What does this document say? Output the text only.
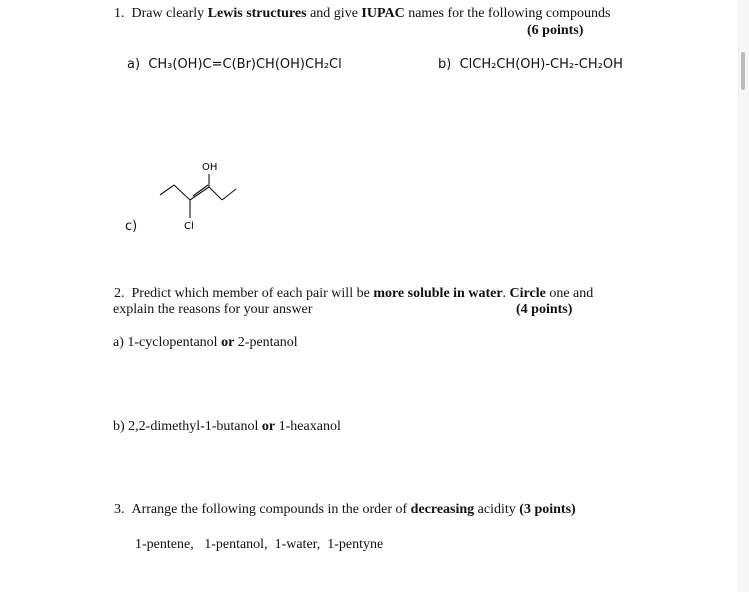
1. Draw clearly Lewis structures and give IUPAC names for the following compounds
(6 points)
a) CH₃(OH)C=C(Br)CH(OH)CH₂Cl	b) ClCH₂CH(OH)-CH₂-CH₂OH
OH
Cl
c)
2. Predict which member of each pair will be more soluble in water. Circle one and
explain the reasons for your answer	(4 points)
a) 1-cyclopentanol or 2-pentanol
b) 2,2-dimethyl-1-butanol or 1-heaxanol
3. Arrange the following compounds in the order of decreasing acidity (3 points)
1-pentene,   1-pentanol,  1-water,  1-pentyne
